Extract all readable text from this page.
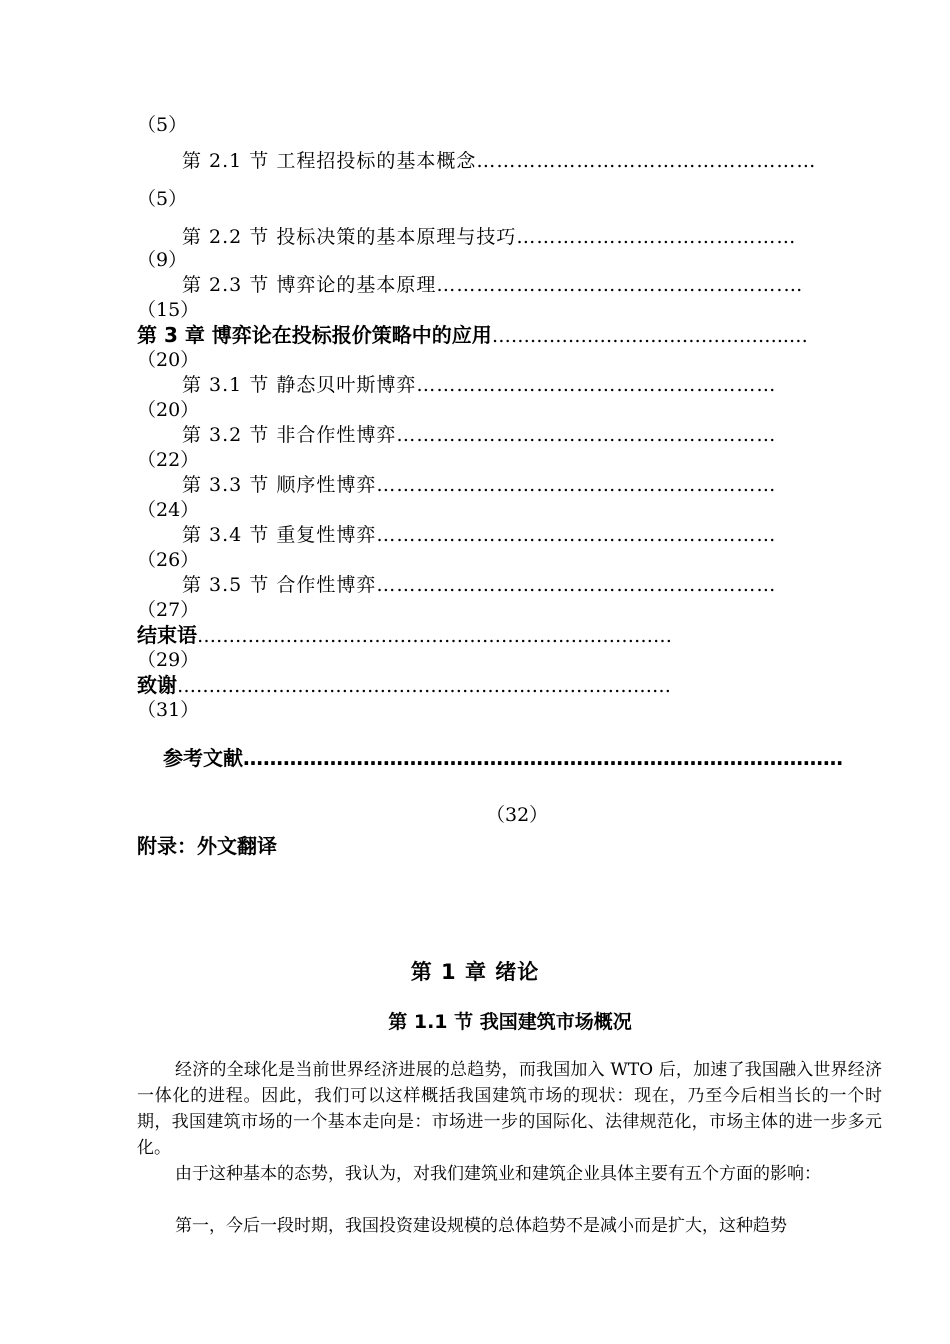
（5）
第 2.1 节 工程招投标的基本概念……………………………………………
（5）
第 2.2 节 投标决策的基本原理与技巧……………………………………
（9）
第 2.3 节 博弈论的基本原理…………………………………………….…
（15）
第 3 章 博弈论在投标报价策略中的应用………………………………………..…
（20）
第 3.1 节 静态贝叶斯博弈………………………………………………
（20）
第 3.2 节 非合作性博弈…………………………………………………
（22）
第 3.3 节 顺序性博弈……………………………………………………
（24）
第 3.4 节 重复性博弈……………………………………………………
（26）
第 3.5 节 合作性博弈……………………………………………………
（27）
结束语…………………………………………………………………
（29）
致谢……………………………………………………………………
（31）
参考文献………………………………………………………………………………
（32）
附录：外文翻译
第 1 章 绪论
第 1.1 节 我国建筑市场概况
经济的全球化是当前世界经济进展的总趋势，而我国加入 WTO 后，加速了我国融入世界经济一体化的进程。因此，我们可以这样概括我国建筑市场的现状：现在，乃至今后相当长的一个时期，我国建筑市场的一个基本走向是：市场进一步的国际化、法律规范化，市场主体的进一步多元化。
由于这种基本的态势，我认为，对我们建筑业和建筑企业具体主要有五个方面的影响：
第一，今后一段时期，我国投资建设规模的总体趋势不是减小而是扩大，这种趋势
